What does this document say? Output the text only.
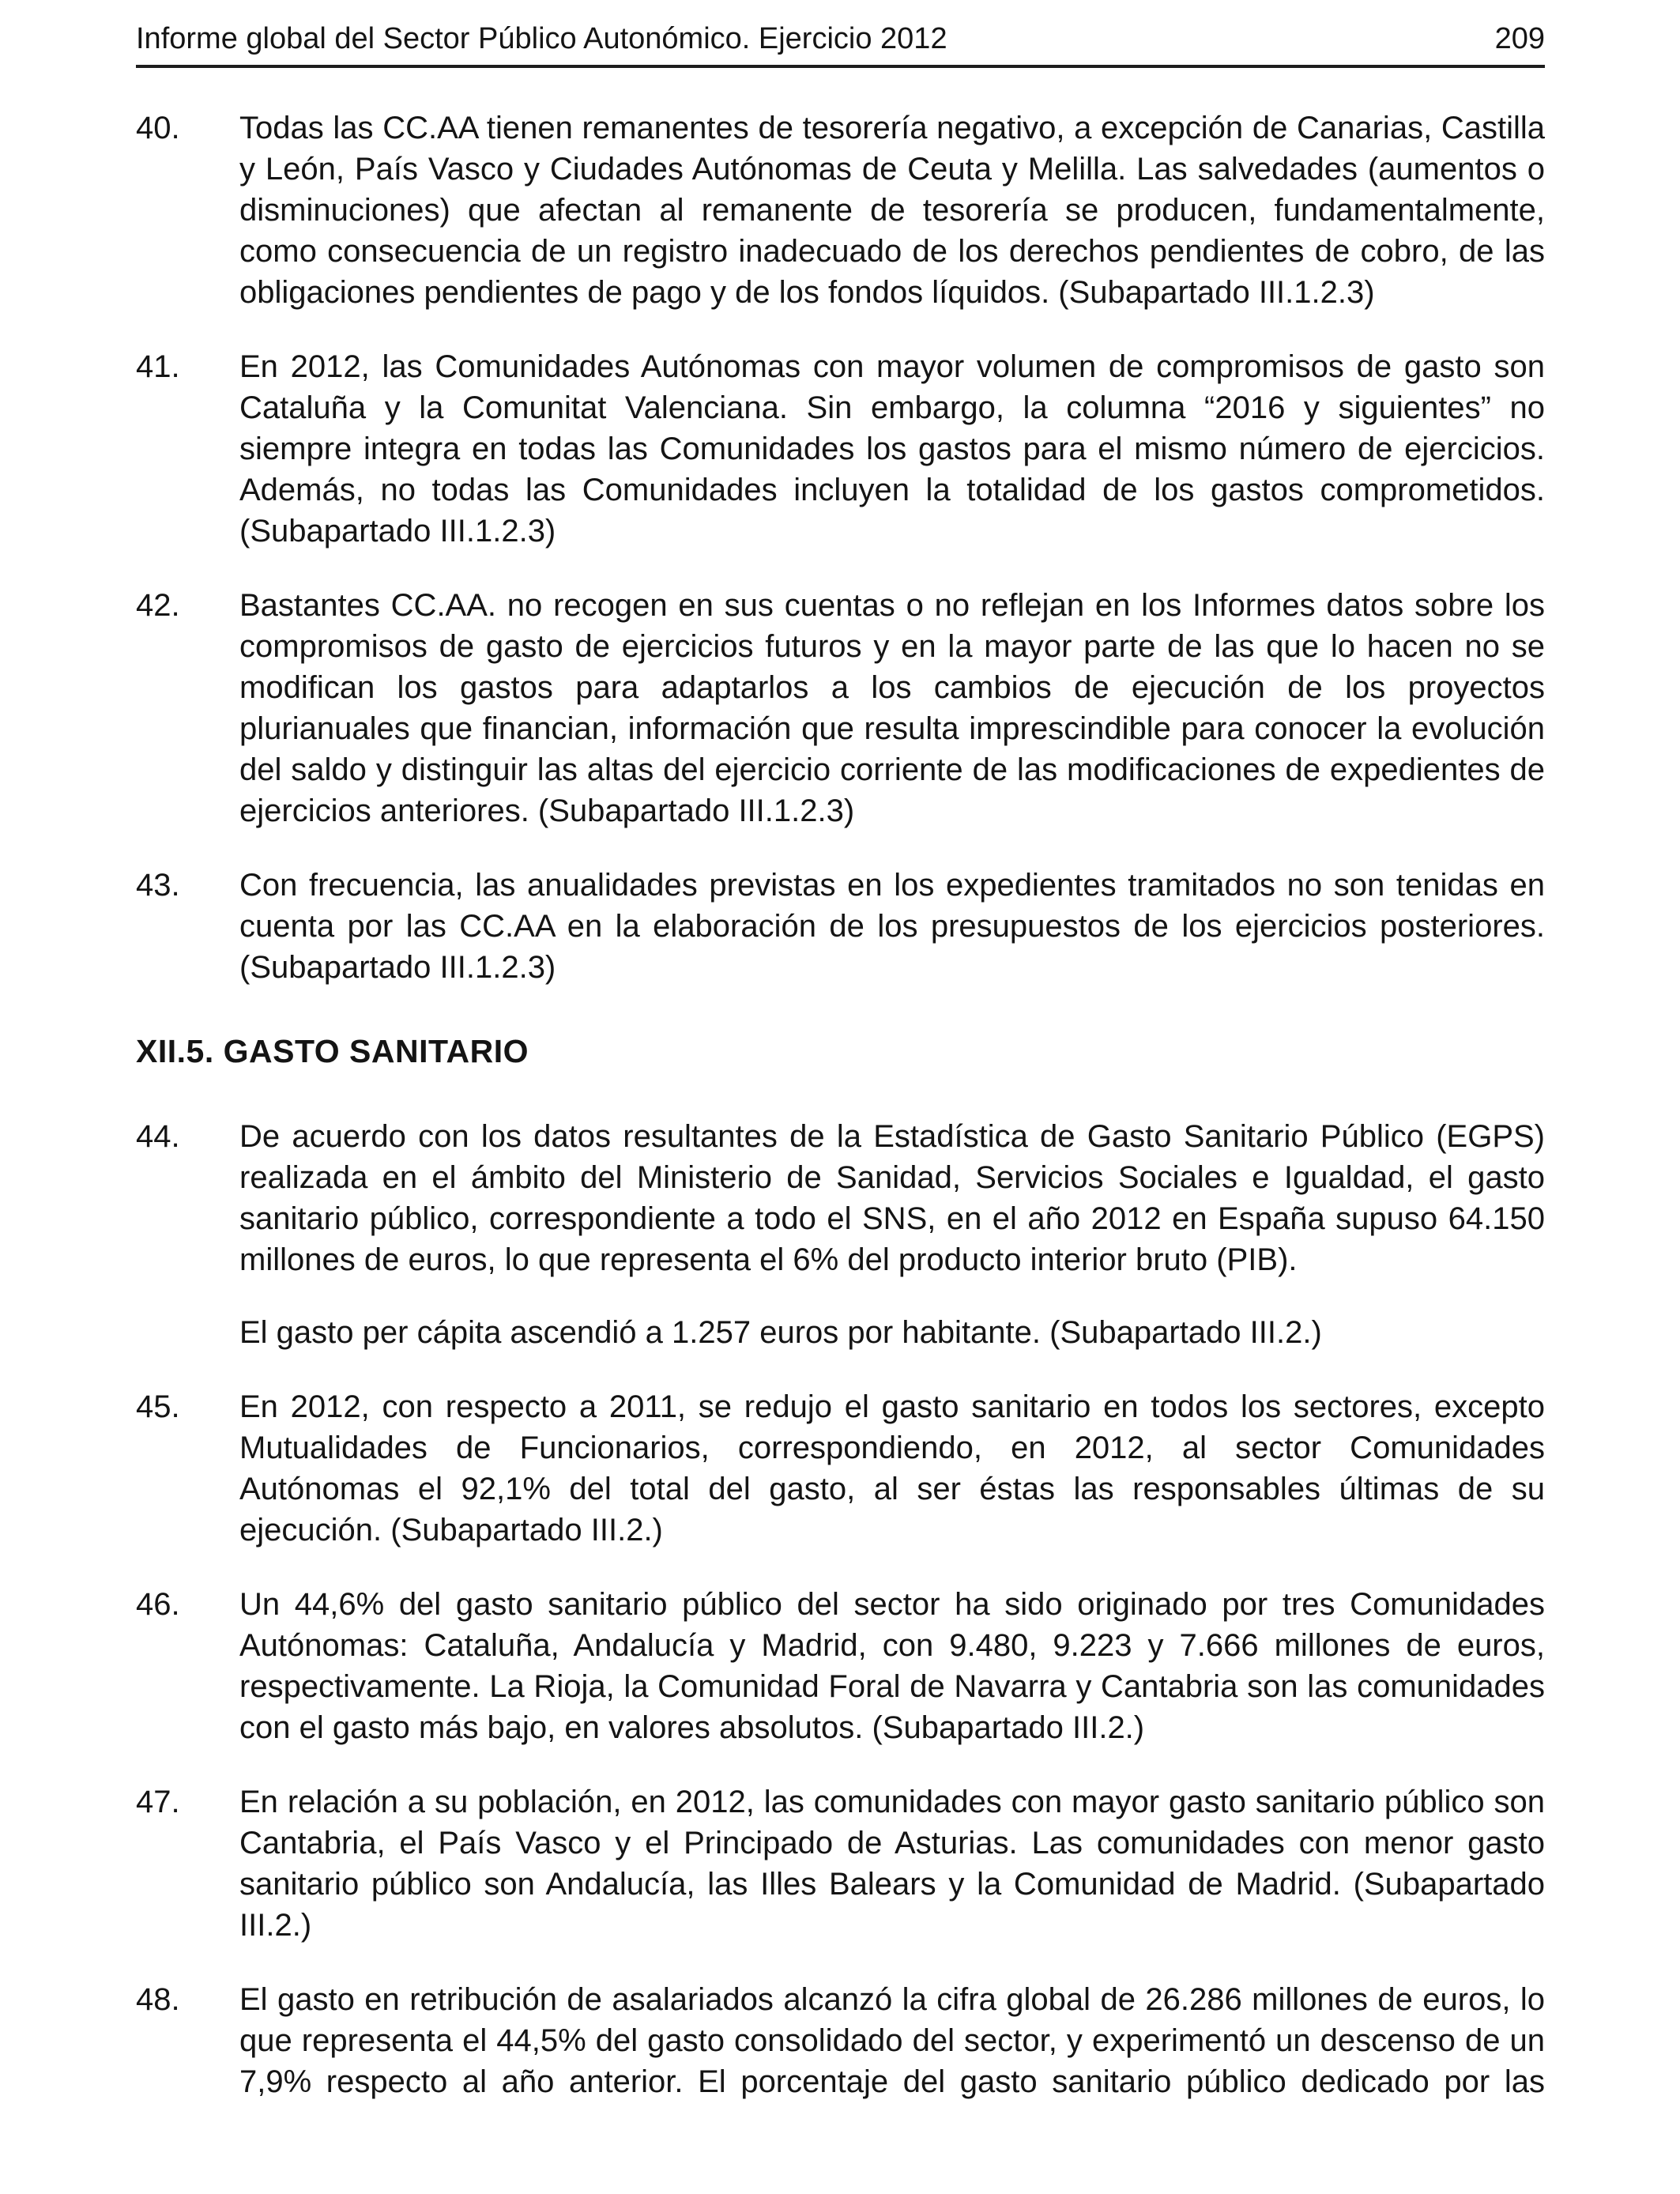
Informe global del Sector Público Autonómico. Ejercicio 2012	209
40.	Todas las CC.AA tienen remanentes de tesorería negativo, a excepción de Canarias, Castilla y León, País Vasco y Ciudades Autónomas de Ceuta y Melilla. Las salvedades (aumentos o disminuciones) que afectan al remanente de tesorería se producen, fundamentalmente, como consecuencia de un registro inadecuado de los derechos pendientes de cobro, de las obligaciones pendientes de pago y de los fondos líquidos. (Subapartado III.1.2.3)
41.	En 2012, las Comunidades Autónomas con mayor volumen de compromisos de gasto son Cataluña y la Comunitat Valenciana. Sin embargo, la columna “2016 y siguientes” no siempre integra en todas las Comunidades los gastos para el mismo número de ejercicios. Además, no todas las Comunidades incluyen la totalidad de los gastos comprometidos. (Subapartado III.1.2.3)
42.	Bastantes CC.AA. no recogen en sus cuentas o no reflejan en los Informes datos sobre los compromisos de gasto de ejercicios futuros y en la mayor parte de las que lo hacen no se modifican los gastos para adaptarlos a los cambios de ejecución de los proyectos plurianuales que financian, información que resulta imprescindible para conocer la evolución del saldo y distinguir las altas del ejercicio corriente de las modificaciones de expedientes de ejercicios anteriores. (Subapartado III.1.2.3)
43.	Con frecuencia, las anualidades previstas en los expedientes tramitados no son tenidas en cuenta por las CC.AA en la elaboración de los presupuestos de los ejercicios posteriores. (Subapartado III.1.2.3)
XII.5. GASTO SANITARIO
44.	De acuerdo con los datos resultantes de la Estadística de Gasto Sanitario Público (EGPS) realizada en el ámbito del Ministerio de Sanidad, Servicios Sociales e Igualdad, el gasto sanitario público, correspondiente a todo el SNS, en el año 2012 en España supuso 64.150 millones de euros, lo que representa el 6% del producto interior bruto (PIB).
El gasto per cápita ascendió a 1.257 euros por habitante. (Subapartado III.2.)
45.	En 2012, con respecto a 2011, se redujo el gasto sanitario en todos los sectores, excepto Mutualidades de Funcionarios, correspondiendo, en 2012, al sector Comunidades Autónomas el 92,1% del total del gasto, al ser éstas las responsables últimas de su ejecución. (Subapartado III.2.)
46.	Un 44,6% del gasto sanitario público del sector ha sido originado por tres Comunidades Autónomas: Cataluña, Andalucía y Madrid, con 9.480, 9.223 y 7.666 millones de euros, respectivamente. La Rioja, la Comunidad Foral de Navarra y Cantabria son las comunidades con el gasto más bajo, en valores absolutos. (Subapartado III.2.)
47.	En relación a su población, en 2012, las comunidades con mayor gasto sanitario público son Cantabria, el País Vasco y el Principado de Asturias. Las comunidades con menor gasto sanitario público son Andalucía, las Illes Balears y la Comunidad de Madrid. (Subapartado III.2.)
48.	El gasto en retribución de asalariados alcanzó la cifra global de 26.286 millones de euros, lo que representa el 44,5% del gasto consolidado del sector, y experimentó un descenso de un 7,9% respecto al año anterior. El porcentaje del gasto sanitario público dedicado por las
